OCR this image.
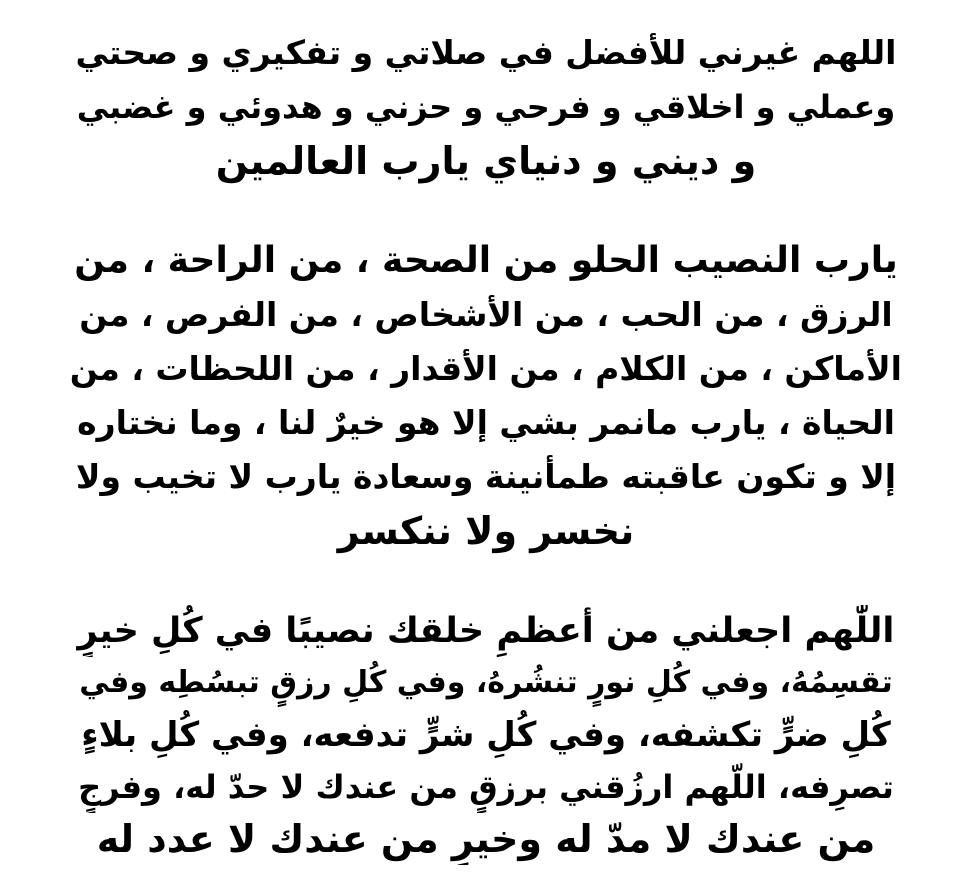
اللهم غيرني للأفضل في صلاتي و تفكيري و صحتي
وعملي و اخلاقي و فرحي و حزني و هدوئي و غضبي
و ديني و دنياي يارب العالمين
يارب النصيب الحلو من الصحة ، من الراحة ، من
الرزق ، من الحب ، من الأشخاص ، من الفرص ، من
الأماكن ، من الكلام ، من الأقدار ، من اللحظات ، من
الحياة ، يارب مانمر بشي إلا هو خيرٌ لنا ، وما نختاره
إلا و تكون عاقبته طمأنينة وسعادة يارب لا تخيب ولا
نخسر ولا ننكسر
اللّٰهم اجعلني من أعظمِ خلقك نصيبًا في كُلِ خيرٍ
تقسِمُهُ، وفي كُلِ نورٍ تنشُرهُ، وفي كُلِ رزقٍ تبسُطِه وفي
كُلِ ضرٍّ تكشفه، وفي كُلِ شرٍّ تدفعه، وفي كُلِ بلاءٍ
تصرِفه، اللّهم ارزُقني برزقٍ من عندك لا حدّ له، وفرجٍ
من عندك لا مدّ له وخيرٍ من عندك لا عدد له
